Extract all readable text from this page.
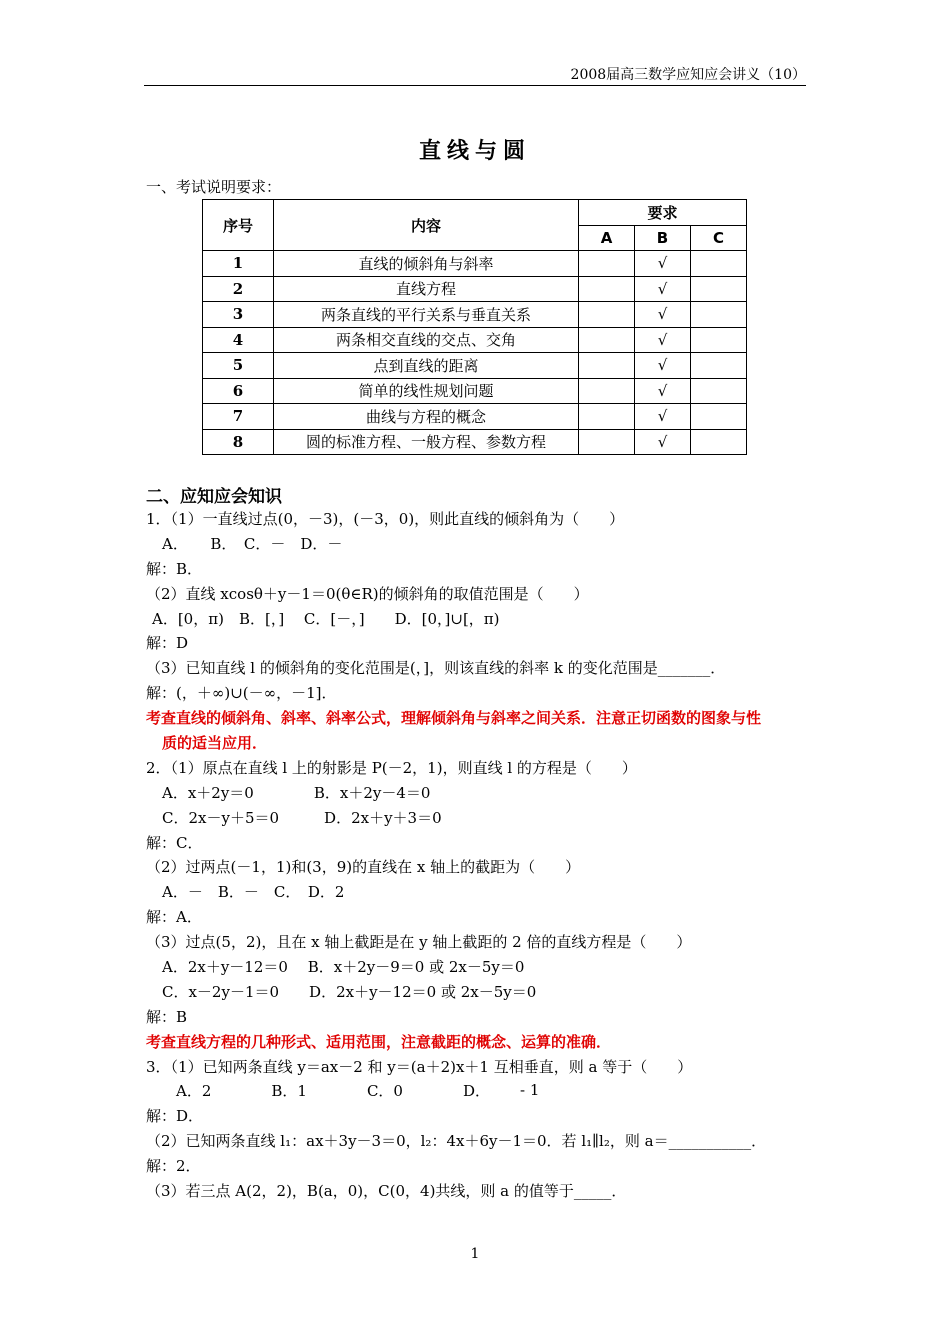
2008届高三数学应知应会讲义（10）
直线与圆
一、考试说明要求：
序号	内容	要求		
		A	B	C
1	直线的倾斜角与斜率		√	
2	直线方程		√	
3	两条直线的平行关系与垂直关系		√	
4	两条相交直线的交点、交角		√	
5	点到直线的距离		√	
6	简单的线性规划问题		√	
7	曲线与方程的概念		√	
8	圆的标准方程、一般方程、参数方程		√	
二、应知应会知识
1．（1）一直线过点(0，－3)，(－3，0)，则此直线的倾斜角为（　　）
A．　　B．　C．－　D．－
解：B．
（2）直线 xcosθ＋y－1＝0(θ∈R)的倾斜角的取值范围是（　　）
A．[0，π)　B．[，]　 C．[－，]　　D．[0，]∪[，π)
解：D
（3）已知直线 l 的倾斜角的变化范围是(，]，则该直线的斜率 k 的变化范围是_______．
解：(，＋∞)∪(－∞，－1]．
考查直线的倾斜角、斜率、斜率公式，理解倾斜角与斜率之间关系．注意正切函数的图象与性
质的适当应用．
2．（1）原点在直线 l 上的射影是 P(－2，1)，则直线 l 的方程是（　　）
A．x＋2y＝0　　　　B．x＋2y－4＝0
C．2x－y＋5＝0　　　D．2x＋y＋3＝0
解：C．
（2）过两点(－1，1)和(3，9)的直线在 x 轴上的截距为（　　）
A．－　B．－　C．　D．2
解：A．
（3）过点(5，2)，且在 x 轴上截距是在 y 轴上截距的 2 倍的直线方程是（　　）
A．2x＋y－12＝0　 B．x＋2y－9＝0 或 2x－5y＝0
C．x－2y－1＝0　　D．2x＋y－12＝0 或 2x－5y＝0
解：B
考查直线方程的几种形式、适用范围，注意截距的概念、运算的准确．
3．（1）已知两条直线 y＝ax－2 和 y＝(a＋2)x＋1 互相垂直，则 a 等于（　　）
A．2　　　　B．1　　　　C．0　　　　D．
解：D．
（2）已知两条直线 l₁：ax＋3y－3＝0，l₂：4x＋6y－1＝0．若 l₁∥l₂，则 a＝___________．
解：2．
（3）若三点 A(2，2)，B(a，0)，C(0，4)共线，则 a 的值等于_____．
- 1
1
